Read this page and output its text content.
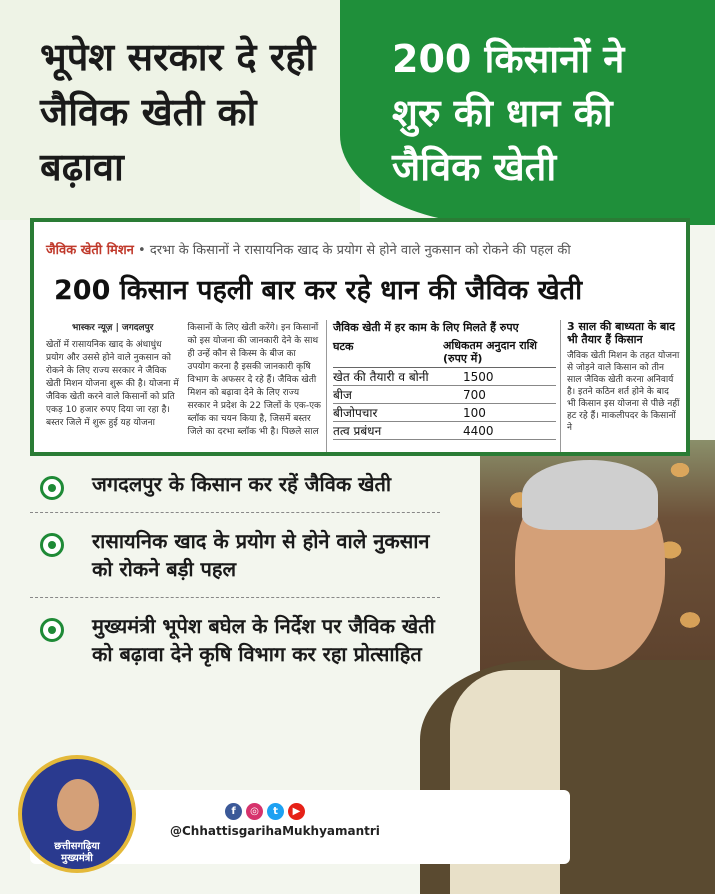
भूपेश सरकार दे रही जैविक खेती को बढ़ावा
200 किसानों ने शुरु की धान की जैविक खेती
जैविक खेती मिशन • दरभा के किसानों ने रासायनिक खाद के प्रयोग से होने वाले नुकसान को रोकने की पहल की
200 किसान पहली बार कर रहे धान की जैविक खेती
भास्कर न्यूज़ | जगदलपुर
खेतों में रासायनिक खाद के अंधाधुंध प्रयोग और उससे होने वाले नुकसान को रोकने के लिए राज्य सरकार ने जैविक खेती मिशन योजना शुरू की है। योजना में जैविक खेती करने वाले किसानों को प्रति एकड़ 10 हजार रुपए दिया जा रहा है। बस्तर जिले में शुरू हुई यह योजना किसानों के लिए खेती करेंगे। इन किसानों को इस योजना की जानकारी देने के साथ ही उन्हें कौन से किस्म के बीज का उपयोग करना है इसकी जानकारी कृषि विभाग के अफसर दे रहे हैं। जैविक खेती मिशन को बढ़ावा देने के लिए राज्य सरकार ने प्रदेश के 22 जिलों के एक-एक ब्लॉक का चयन किया है, जिसमें बस्तर जिले का दरभा ब्लॉक भी है। पिछले साल
जैविक खेती में हर काम के लिए मिलते हैं रुपए
घटक	अधिकतम अनुदान राशि (रुपए में)
खेत की तैयारी व बोनी	1500
बीज	700
बीजोपचार	100
तत्व प्रबंधन	4400
3 साल की बाध्यता के बाद भी तैयार हैं किसान
जैविक खेती मिशन के तहत योजना से जोड़ने वाले किसान को तीन साल जैविक खेती करना अनिवार्य है। इतने कठिन शर्त होने के बाद भी किसान इस योजना से पीछे नहीं हट रहे हैं। माकलीपदर के किसानों ने
जगदलपुर के किसान कर रहें जैविक खेती
रासायनिक खाद के प्रयोग से होने वाले नुकसान को रोकने बड़ी पहल
मुख्यमंत्री भूपेश बघेल के निर्देश पर जैविक खेती को बढ़ावा देने कृषि विभाग कर रहा प्रोत्साहित
छत्तीसगढ़िया
मुख्यमंत्री
f	◎	t	▶
@ChhattisgarihaMukhyamantri
